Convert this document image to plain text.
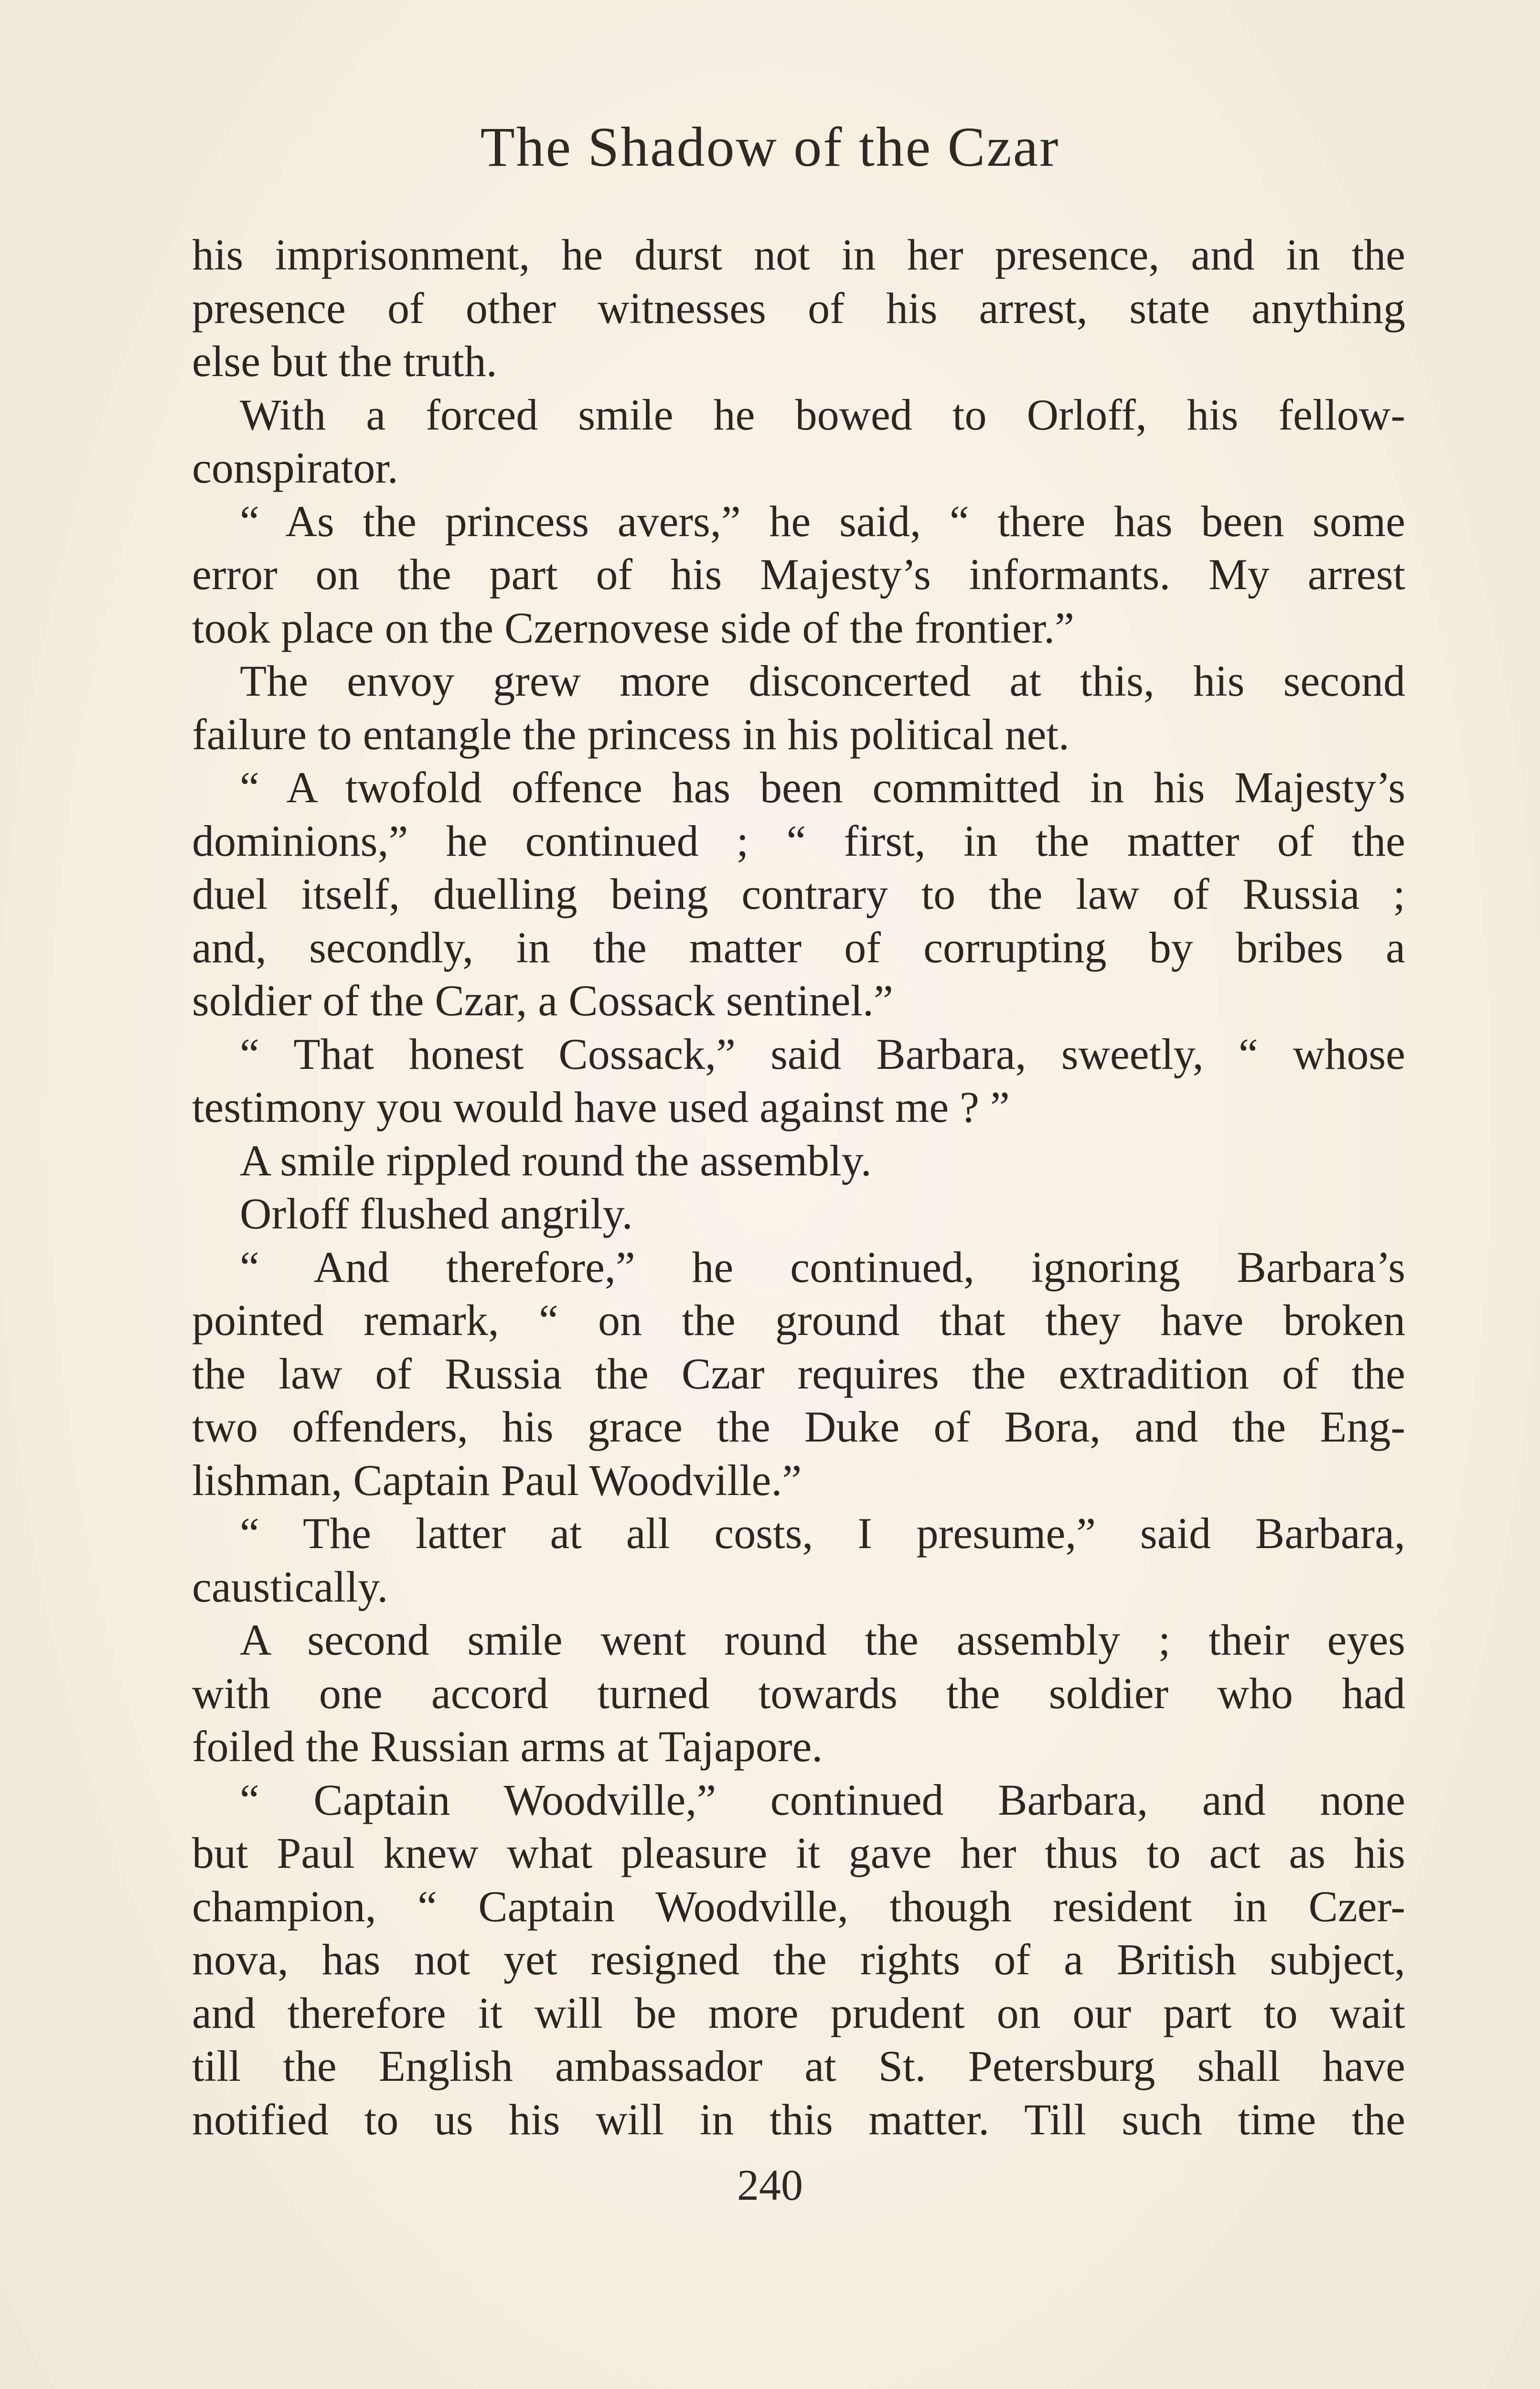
The Shadow of the Czar
his imprisonment, he durst not in her presence, and in the
presence of other witnesses of his arrest, state anything
else but the truth.
With a forced smile he bowed to Orloff, his fellow-
conspirator.
“ As the princess avers,” he said, “ there has been some
error on the part of his Majesty’s informants. My arrest
took place on the Czernovese side of the frontier.”
The envoy grew more disconcerted at this, his second
failure to entangle the princess in his political net.
“ A twofold offence has been committed in his Majesty’s
dominions,” he continued ; “ first, in the matter of the
duel itself, duelling being contrary to the law of Russia ;
and, secondly, in the matter of corrupting by bribes a
soldier of the Czar, a Cossack sentinel.”
“ That honest Cossack,” said Barbara, sweetly, “ whose
testimony you would have used against me ? ”
A smile rippled round the assembly.
Orloff flushed angrily.
“ And therefore,” he continued, ignoring Barbara’s
pointed remark, “ on the ground that they have broken
the law of Russia the Czar requires the extradition of the
two offenders, his grace the Duke of Bora, and the Eng-
lishman, Captain Paul Woodville.”
“ The latter at all costs, I presume,” said Barbara,
caustically.
A second smile went round the assembly ; their eyes
with one accord turned towards the soldier who had
foiled the Russian arms at Tajapore.
“ Captain Woodville,” continued Barbara, and none
but Paul knew what pleasure it gave her thus to act as his
champion, “ Captain Woodville, though resident in Czer-
nova, has not yet resigned the rights of a British subject,
and therefore it will be more prudent on our part to wait
till the English ambassador at St. Petersburg shall have
notified to us his will in this matter. Till such time the
240
